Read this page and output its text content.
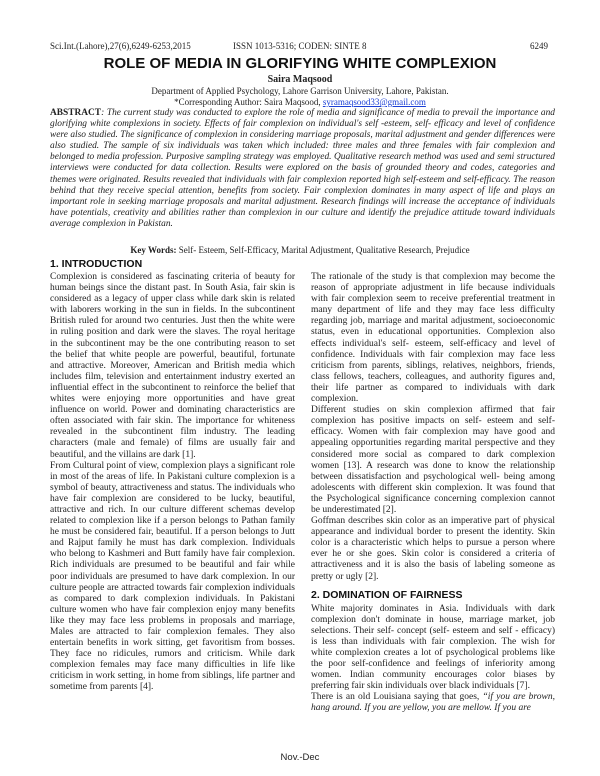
Sci.Int.(Lahore),27(6),6249-6253,2015	ISSN 1013-5316; CODEN: SINTE 8	6249
ROLE OF MEDIA IN GLORIFYING WHITE COMPLEXION
Saira Maqsood
Department of Applied Psychology, Lahore Garrison University, Lahore, Pakistan.
*Corresponding Author: Saira Maqsood, syramaqsood33@gmail.com
ABSTRACT: The current study was conducted to explore the role of media and significance of media to prevail the importance and glorifying white complexions in society. Effects of fair complexion on individual's self -esteem, self- efficacy and level of confidence were also studied. The significance of complexion in considering marriage proposals, marital adjustment and gender differences were also studied. The sample of six individuals was taken which included: three males and three females with fair complexion and belonged to media profession. Purposive sampling strategy was employed. Qualitative research method was used and semi structured interviews were conducted for data collection. Results were explored on the basis of grounded theory and codes, categories and themes were originated. Results revealed that individuals with fair complexion reported high self-esteem and self-efficacy. The reason behind that they receive special attention, benefits from society. Fair complexion dominates in many aspect of life and plays an important role in seeking marriage proposals and marital adjustment. Research findings will increase the acceptance of individuals have potentials, creativity and abilities rather than complexion in our culture and identify the prejudice attitude toward individuals average complexion in Pakistan.
Key Words: Self- Esteem, Self-Efficacy, Marital Adjustment, Qualitative Research, Prejudice
1. INTRODUCTION

Complexion is considered as fascinating criteria of beauty for human beings since the distant past. In South Asia, fair skin is considered as a legacy of upper class while dark skin is related with laborers working in the sun in fields. In the subcontinent British ruled for around two centuries. Just then the white were in ruling position and dark were the slaves. The royal heritage in the subcontinent may be the one contributing reason to set the belief that white people are powerful, beautiful, fortunate and attractive. Moreover, American and British media which includes film, television and entertainment industry exerted an influential effect in the subcontinent to reinforce the belief that whites were enjoying more opportunities and have great influence on world. Power and dominating characteristics are often associated with fair skin. The importance for whiteness revealed in the subcontinent film industry. The leading characters (male and female) of films are usually fair and beautiful, and the villains are dark [1].

From Cultural point of view, complexion plays a significant role in most of the areas of life. In Pakistani culture complexion is a symbol of beauty, attractiveness and status. The individuals who have fair complexion are considered to be lucky, beautiful, attractive and rich. In our culture different schemas develop related to complexion like if a person belongs to Pathan family he must be considered fair, beautiful. If a person belongs to Jutt and Rajput family he must has dark complexion. Individuals who belong to Kashmeri and Butt family have fair complexion. Rich individuals are presumed to be beautiful and fair while poor individuals are presumed to have dark complexion. In our culture people are attracted towards fair complexion individuals as compared to dark complexion individuals. In Pakistani culture women who have fair complexion enjoy many benefits like they may face less problems in proposals and marriage, Males are attracted to fair complexion females. They also entertain benefits in work sitting, get favoritism from bosses. They face no ridicules, rumors and criticism. While dark complexion females may face many difficulties in life like criticism in work setting, in home from siblings, life partner and sometime from parents [4].

The rationale of the study is that complexion may become the reason of appropriate adjustment in life because individuals with fair complexion seem to receive preferential treatment in many department of life and they may face less difficulty regarding job, marriage and marital adjustment, socioeconomic status, even in educational opportunities. Complexion also effects individual's self- esteem, self-efficacy and level of confidence. Individuals with fair complexion may face less criticism from parents, siblings, relatives, neighbors, friends, class fellows, teachers, colleagues, and authority figures and, their life partner as compared to individuals with dark complexion.

Different studies on skin complexion affirmed that fair complexion has positive impacts on self- esteem and self-efficacy. Women with fair complexion may have good and appealing opportunities regarding marital perspective and they considered more social as compared to dark complexion women [13]. A research was done to know the relationship between dissatisfaction and psychological well- being among adolescents with different skin complexion. It was found that the Psychological significance concerning complexion cannot be underestimated [2].

Goffman describes skin color as an imperative part of physical appearance and individual border to present the identity. Skin color is a characteristic which helps to pursue a person where ever he or she goes. Skin color is considered a criteria of attractiveness and it is also the basis of labeling someone as pretty or ugly [2].

2. DOMINATION OF FAIRNESS

White majority dominates in Asia. Individuals with dark complexion don't dominate in house, marriage market, job selections. Their self- concept (self- esteem and self - efficacy) is less than individuals with fair complexion. The wish for white complexion creates a lot of psychological problems like the poor self-confidence and feelings of inferiority among women. Indian community encourages color biases by preferring fair skin individuals over black individuals [7].

There is an old Louisiana saying that goes, “if you are brown, hang around. If you are yellow, you are mellow. If you are

Nov.-Dec
